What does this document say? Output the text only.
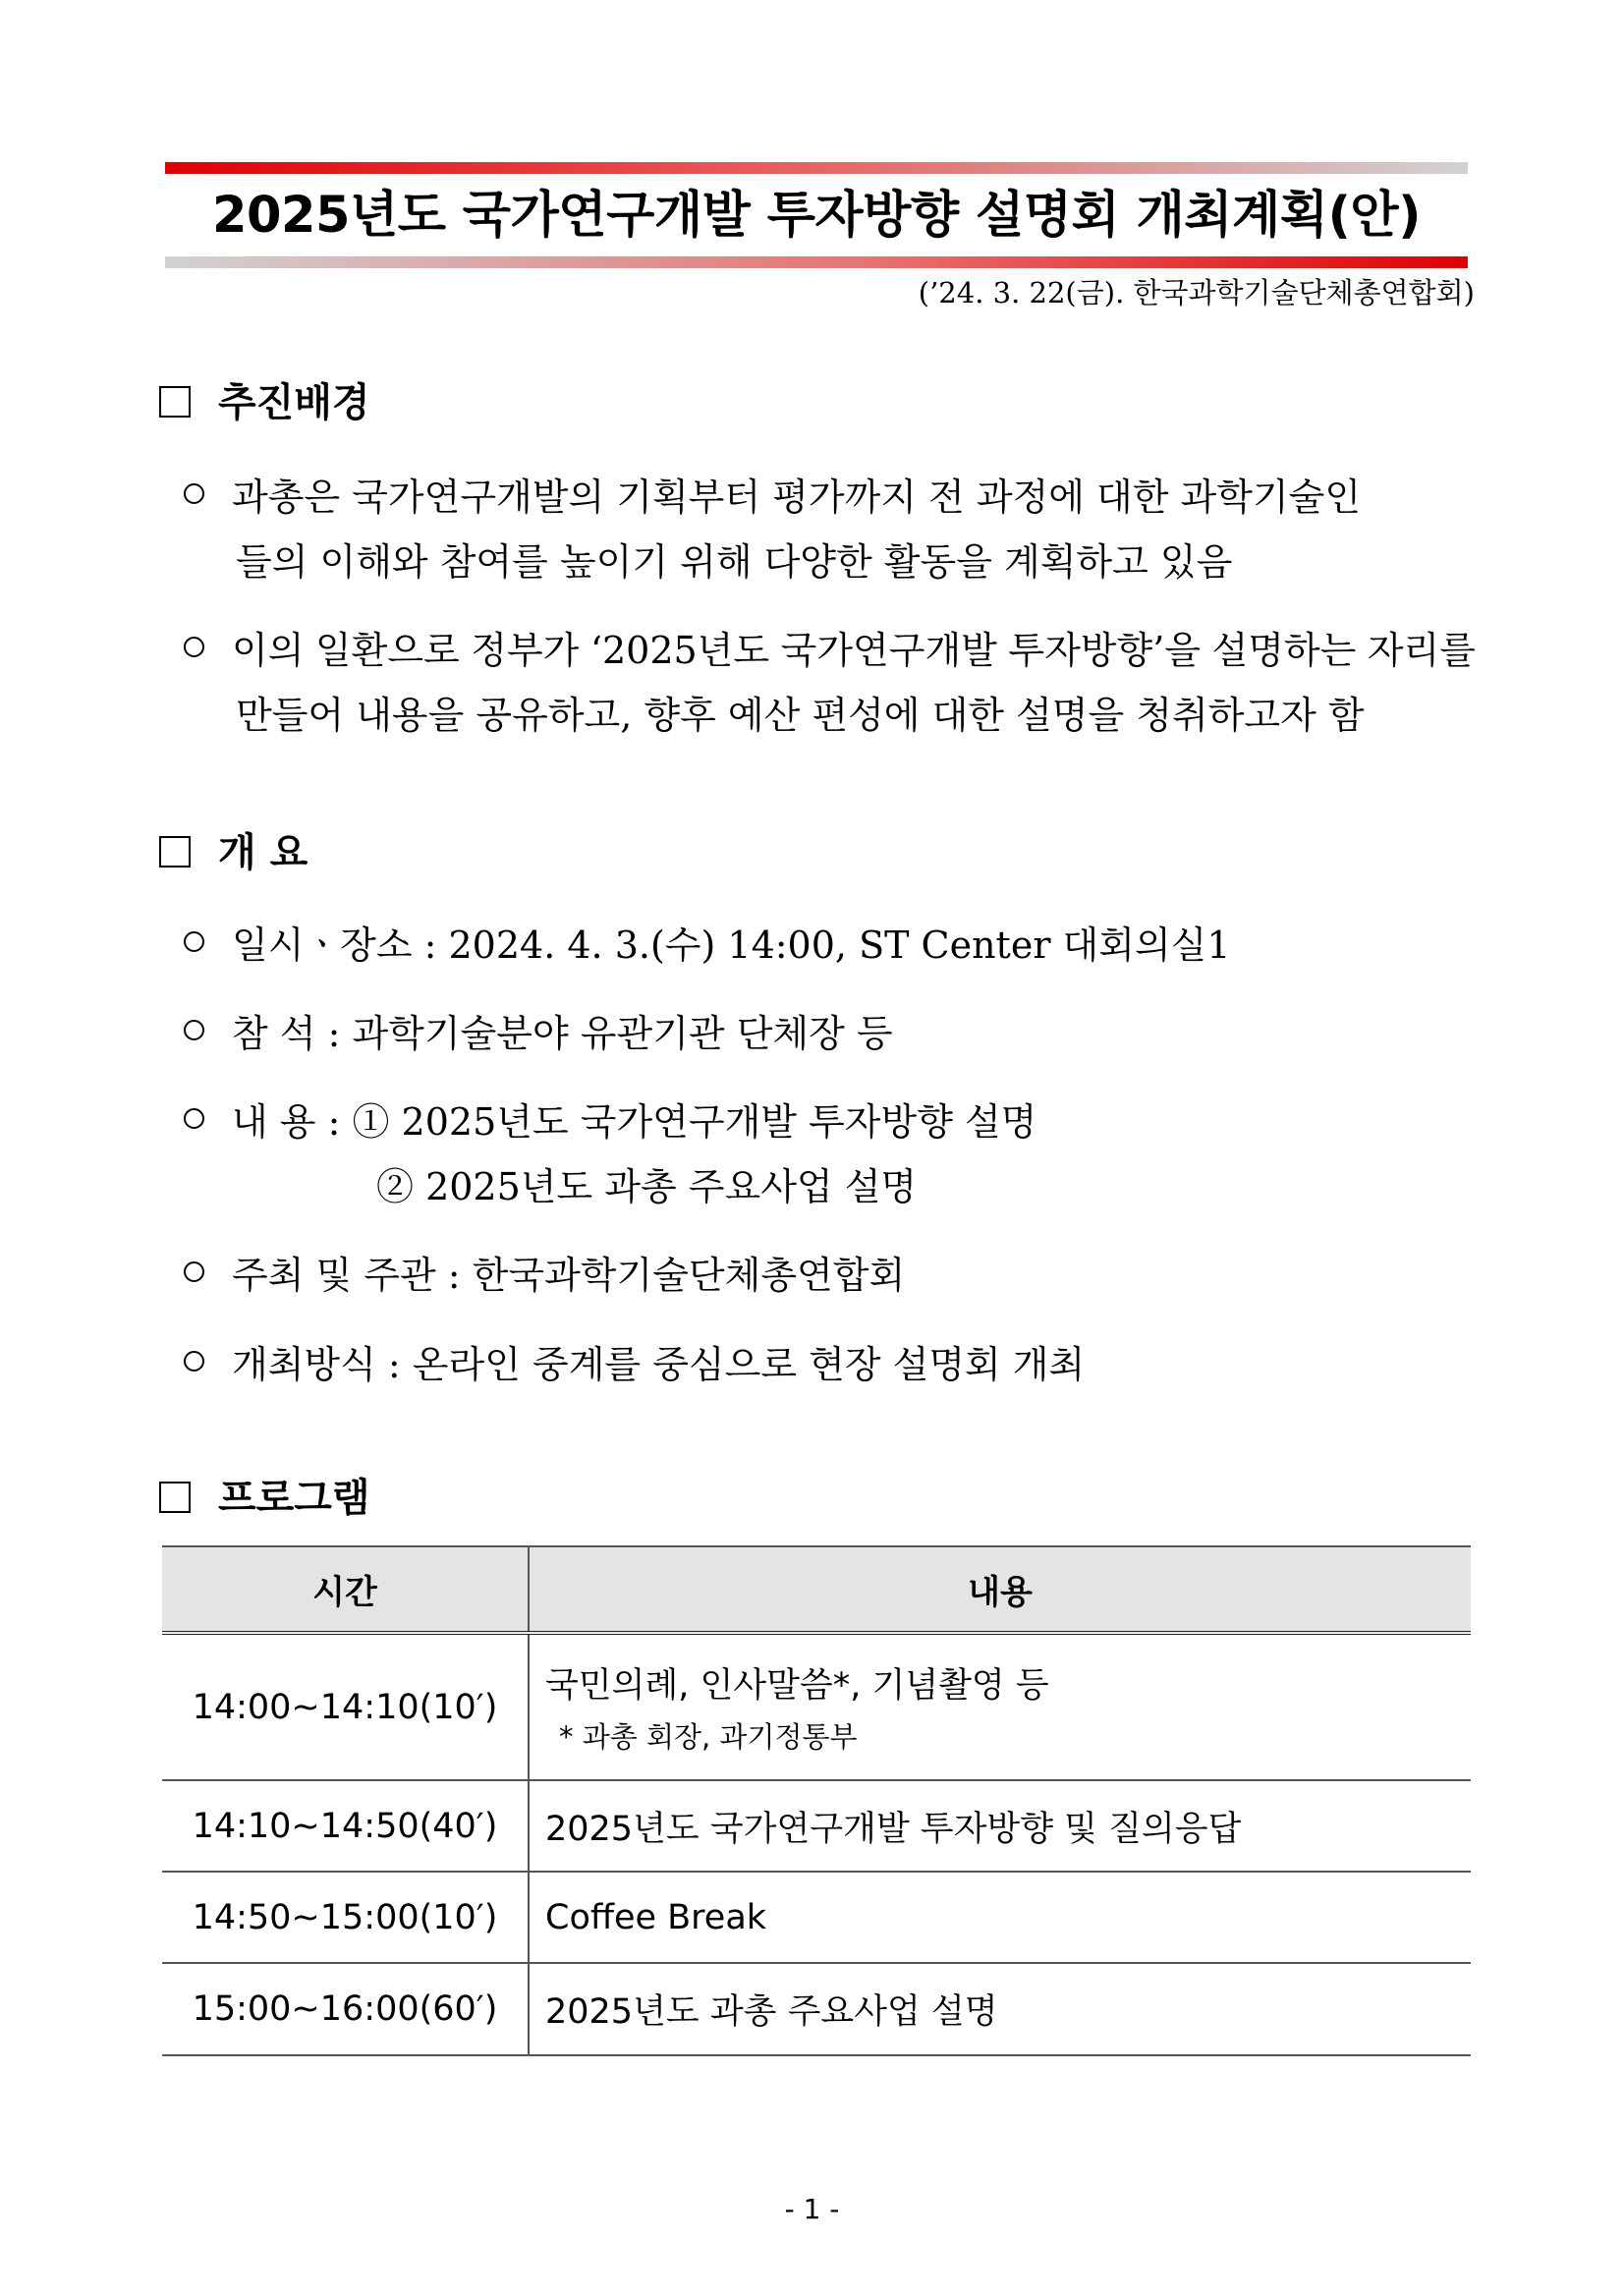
2025년도 국가연구개발 투자방향 설명회 개최계획(안)
(’24. 3. 22(금). 한국과학기술단체총연합회)
추진배경
과총은 국가연구개발의 기획부터 평가까지 전 과정에 대한 과학기술인
들의 이해와 참여를 높이기 위해 다양한 활동을 계획하고 있음
이의 일환으로 정부가 ‘2025년도 국가연구개발 투자방향’을 설명하는 자리를
만들어 내용을 공유하고, 향후 예산 편성에 대한 설명을 청취하고자 함
개 요
일시ㆍ장소 : 2024. 4. 3.(수) 14:00, ST Center 대회의실1
참 석 : 과학기술분야 유관기관 단체장 등
내 용 : ① 2025년도 국가연구개발 투자방향 설명
② 2025년도 과총 주요사업 설명
주최 및 주관 : 한국과학기술단체총연합회
개최방식 : 온라인 중계를 중심으로 현장 설명회 개최
프로그램
시간	내용
14:00~14:10(10′)	국민의례, 인사말씀*, 기념촬영 등
* 과총 회장, 과기정통부

14:10~14:50(40′)	2025년도 국가연구개발 투자방향 및 질의응답
14:50~15:00(10′)	Coffee Break
15:00~16:00(60′)	2025년도 과총 주요사업 설명
- 1 -
